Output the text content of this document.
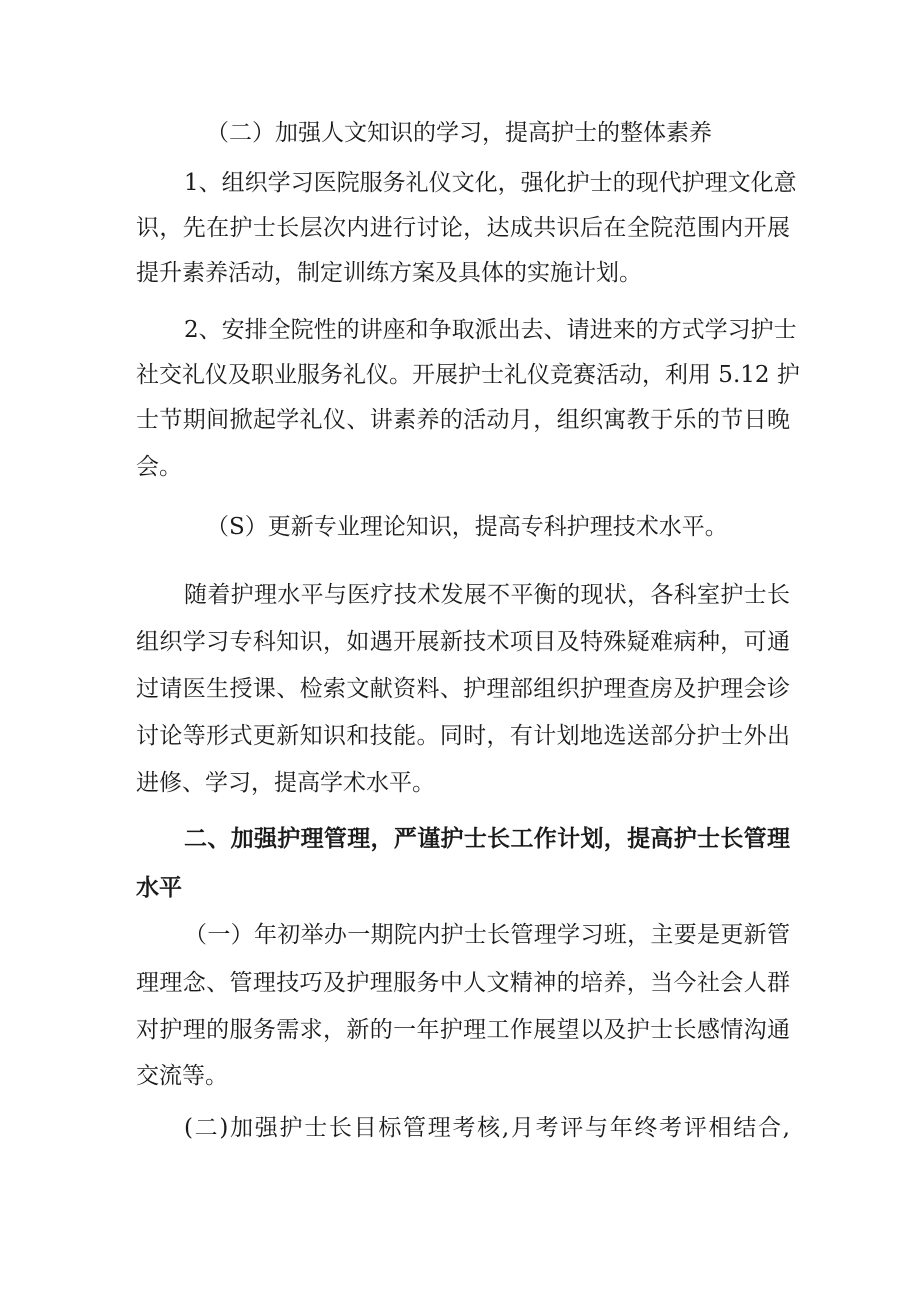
（二）加强人文知识的学习，提高护士的整体素养
1、组织学习医院服务礼仪文化，强化护士的现代护理文化意
识，先在护士长层次内进行讨论，达成共识后在全院范围内开展
提升素养活动，制定训练方案及具体的实施计划。
2、安排全院性的讲座和争取派出去、请进来的方式学习护士
社交礼仪及职业服务礼仪。开展护士礼仪竞赛活动，利用 5.12 护
士节期间掀起学礼仪、讲素养的活动月，组织寓教于乐的节日晚
会。
（S）更新专业理论知识，提高专科护理技术水平。
随着护理水平与医疗技术发展不平衡的现状，各科室护士长
组织学习专科知识，如遇开展新技术项目及特殊疑难病种，可通
过请医生授课、检索文献资料、护理部组织护理查房及护理会诊
讨论等形式更新知识和技能。同时，有计划地选送部分护士外出
进修、学习，提高学术水平。
二、加强护理管理，严谨护士长工作计划，提高护士长管理
水平
（一）年初举办一期院内护士长管理学习班，主要是更新管
理理念、管理技巧及护理服务中人文精神的培养，当今社会人群
对护理的服务需求，新的一年护理工作展望以及护士长感情沟通
交流等。
(二)加强护士长目标管理考核,月考评与年终考评相结合,
